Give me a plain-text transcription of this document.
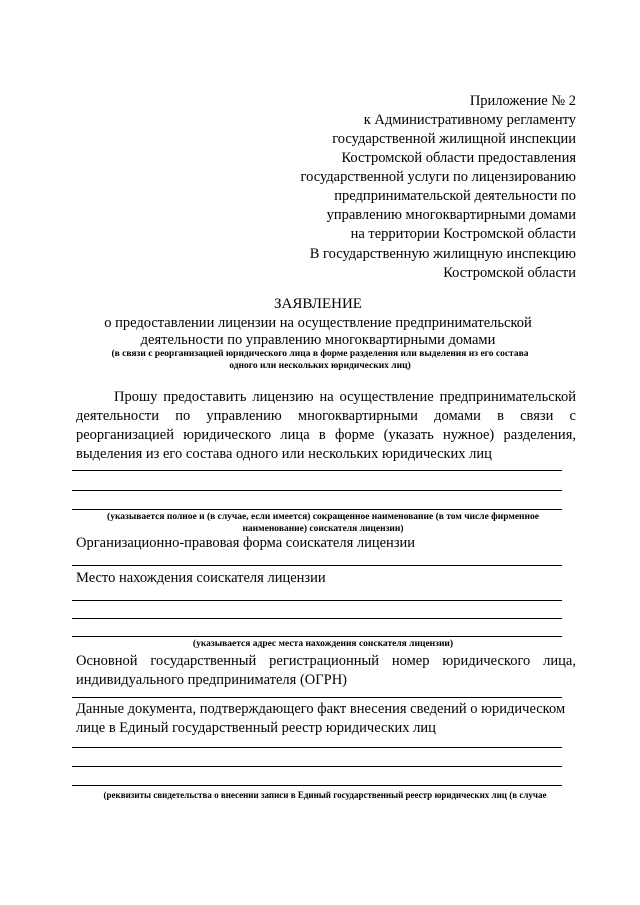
Приложение № 2
к Административному регламенту
государственной жилищной инспекции
Костромской области предоставления
государственной услуги по лицензированию
предпринимательской деятельности по
управлению многоквартирными домами
на территории Костромской области
В государственную жилищную инспекцию
Костромской области
ЗАЯВЛЕНИЕ
о предоставлении лицензии на осуществление предпринимательской
деятельности по управлению многоквартирными домами
(в связи с реорганизацией юридического лица в форме разделения или выделения из его состава одного или нескольких юридических лиц)
Прошу предоставить лицензию на осуществление предпринимательской деятельности по управлению многоквартирными домами в связи с реорганизацией юридического лица в форме (указать нужное) разделения, выделения из его состава одного или нескольких юридических лиц
(указывается полное и (в случае, если имеется) сокращенное наименование (в том числе фирменное наименование) соискателя лицензии)
Организационно-правовая форма соискателя лицензии
Место нахождения соискателя лицензии
(указывается адрес места нахождения соискателя лицензии)
Основной государственный регистрационный номер юридического лица, индивидуального предпринимателя (ОГРН)
Данные документа, подтверждающего факт внесения сведений о юридическом лице в Единый государственный реестр юридических лиц
(реквизиты свидетельства о внесении записи в Единый государственный реестр юридических лиц (в случае
